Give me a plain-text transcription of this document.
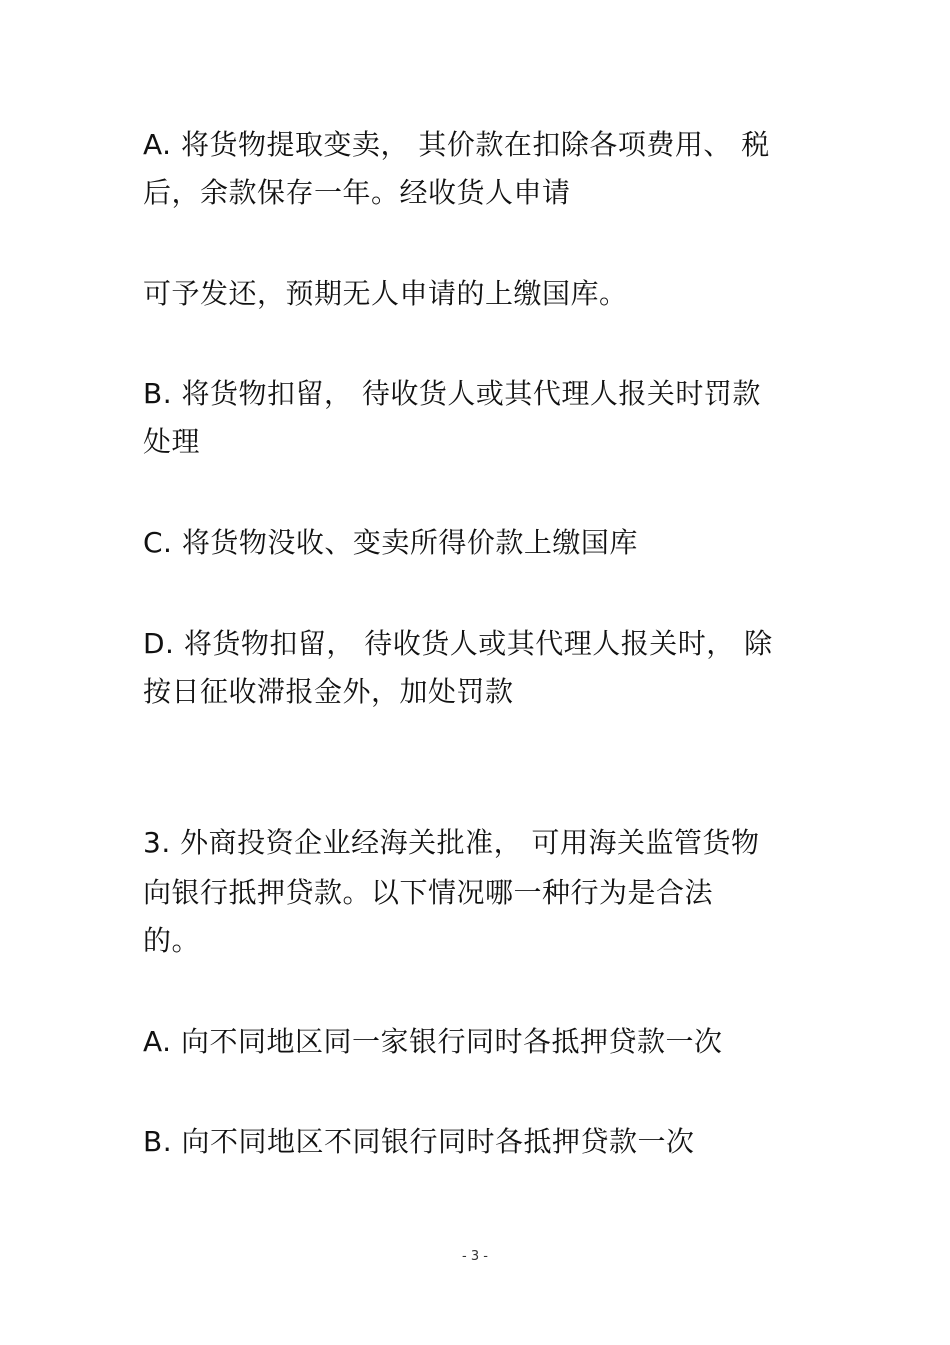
A. 将货物提取变卖， 其价款在扣除各项费用、 税
后，余款保存一年。经收货人申请
可予发还，预期无人申请的上缴国库。
B. 将货物扣留， 待收货人或其代理人报关时罚款
处理
C. 将货物没收、变卖所得价款上缴国库
D. 将货物扣留， 待收货人或其代理人报关时， 除
按日征收滞报金外，加处罚款
3. 外商投资企业经海关批准， 可用海关监管货物
向银行抵押贷款。以下情况哪一种行为是合法
的。
A. 向不同地区同一家银行同时各抵押贷款一次
B. 向不同地区不同银行同时各抵押贷款一次
- 3 -
